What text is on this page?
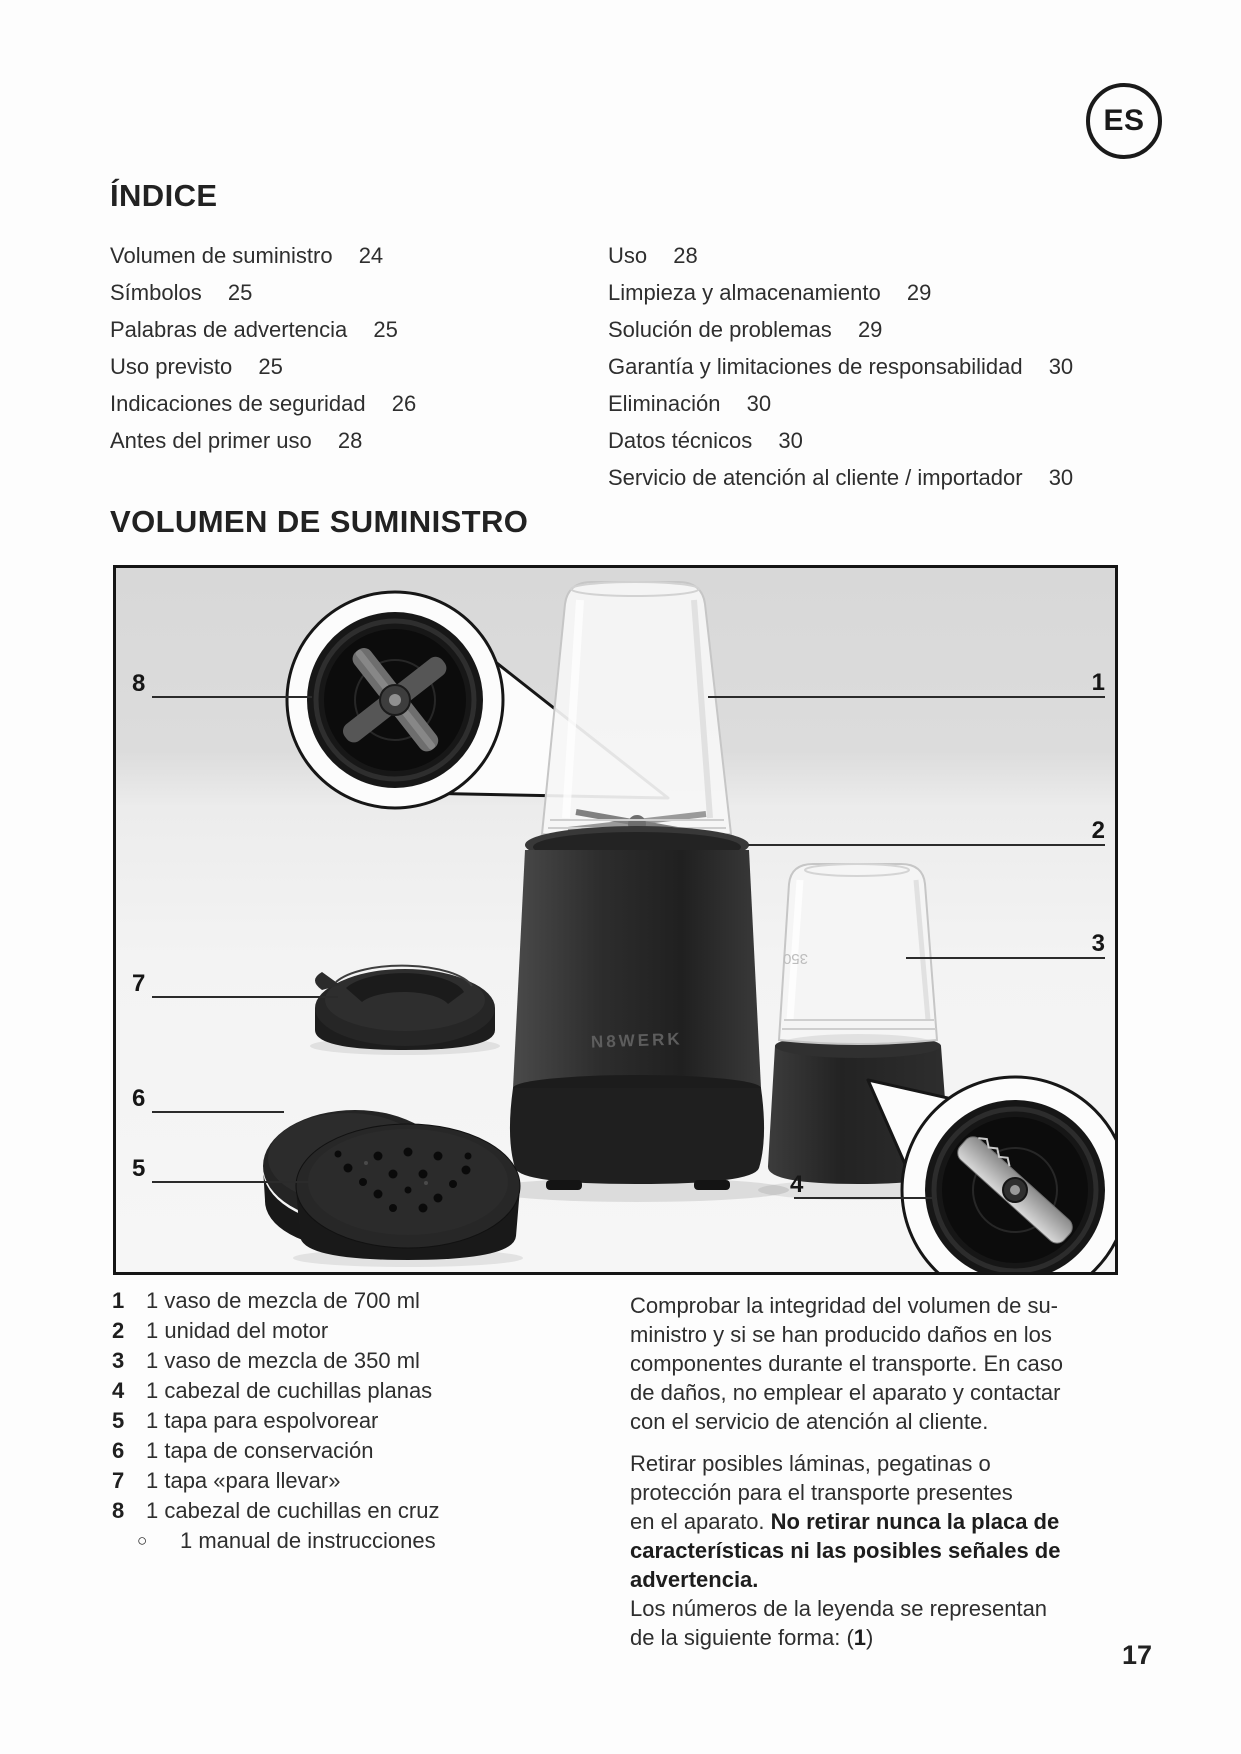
ES
ÍNDICE
Volumen de suministro 24
Símbolos 25
Palabras de advertencia 25
Uso previsto 25
Indicaciones de seguridad 26
Antes del primer uso 28
Uso 28
Limpieza y almacenamiento 29
Solución de problemas 29
Garantía y limitaciones de responsabilidad 30
Eliminación 30
Datos técnicos 30
Servicio de atención al cliente / importador 30
VOLUMEN DE SUMINISTRO
N8WERK
350
1
2
3
4
5
6
7
8
1 1 vaso de mezcla de 700 ml
2 1 unidad del motor
3 1 vaso de mezcla de 350 ml
4 1 cabezal de cuchillas planas
5 1 tapa para espolvorear
6 1 tapa de conservación
7 1 tapa «para llevar»
8 1 cabezal de cuchillas en cruz
○	1 manual de instrucciones
Comprobar la integridad del volumen de su-
ministro y si se han producido daños en los
componentes durante el transporte. En caso
de daños, no emplear el aparato y contactar
con el servicio de atención al cliente.
Retirar posibles láminas, pegatinas o
protección para el transporte presentes
en el aparato. No retirar nunca la placa de
características ni las posibles señales de
advertencia.
Los números de la leyenda se representan
de la siguiente forma: (1)
17
